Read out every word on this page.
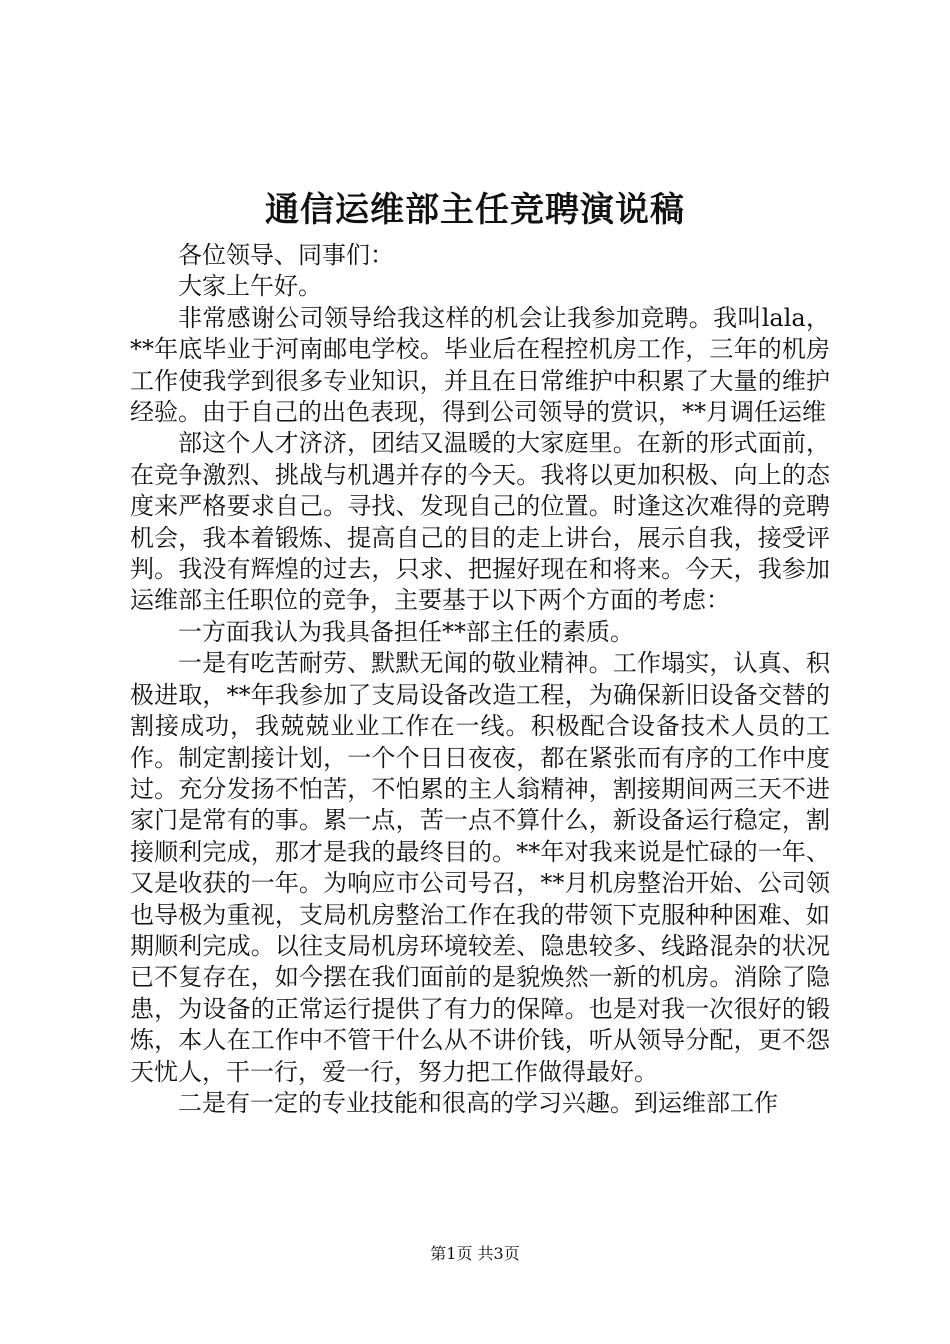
通信运维部主任竞聘演说稿

各位领导、同事们：

大家上午好。

非常感谢公司领导给我这样的机会让我参加竞聘。我叫lala，**年底毕业于河南邮电学校。毕业后在程控机房工作，三年的机房工作使我学到很多专业知识，并且在日常维护中积累了大量的维护经验。由于自己的出色表现，得到公司领导的赏识，**月调任运维

部这个人才济济，团结又温暖的大家庭里。在新的形式面前，在竞争激烈、挑战与机遇并存的今天。我将以更加积极、向上的态度来严格要求自己。寻找、发现自己的位置。时逢这次难得的竞聘机会，我本着锻炼、提高自己的目的走上讲台，展示自我，接受评判。我没有辉煌的过去，只求、把握好现在和将来。今天，我参加运维部主任职位的竞争，主要基于以下两个方面的考虑：

一方面我认为我具备担任**部主任的素质。

一是有吃苦耐劳、默默无闻的敬业精神。工作塌实，认真、积极进取，**年我参加了支局设备改造工程，为确保新旧设备交替的割接成功，我兢兢业业工作在一线。积极配合设备技术人员的工作。制定割接计划，一个个日日夜夜，都在紧张而有序的工作中度过。充分发扬不怕苦，不怕累的主人翁精神，割接期间两三天不进家门是常有的事。累一点，苦一点不算什么，新设备运行稳定，割接顺利完成，那才是我的最终目的。**年对我来说是忙碌的一年、又是收获的一年。为响应市公司号召，**月机房整治开始、公司领也导极为重视，支局机房整治工作在我的带领下克服种种困难、如期顺利完成。以往支局机房环境较差、隐患较多、线路混杂的状况已不复存在，如今摆在我们面前的是貌焕然一新的机房。消除了隐患，为设备的正常运行提供了有力的保障。也是对我一次很好的锻炼，本人在工作中不管干什么从不讲价钱，听从领导分配，更不怨天忧人，干一行，爱一行，努力把工作做得最好。

二是有一定的专业技能和很高的学习兴趣。到运维部工作

第1页 共3页
